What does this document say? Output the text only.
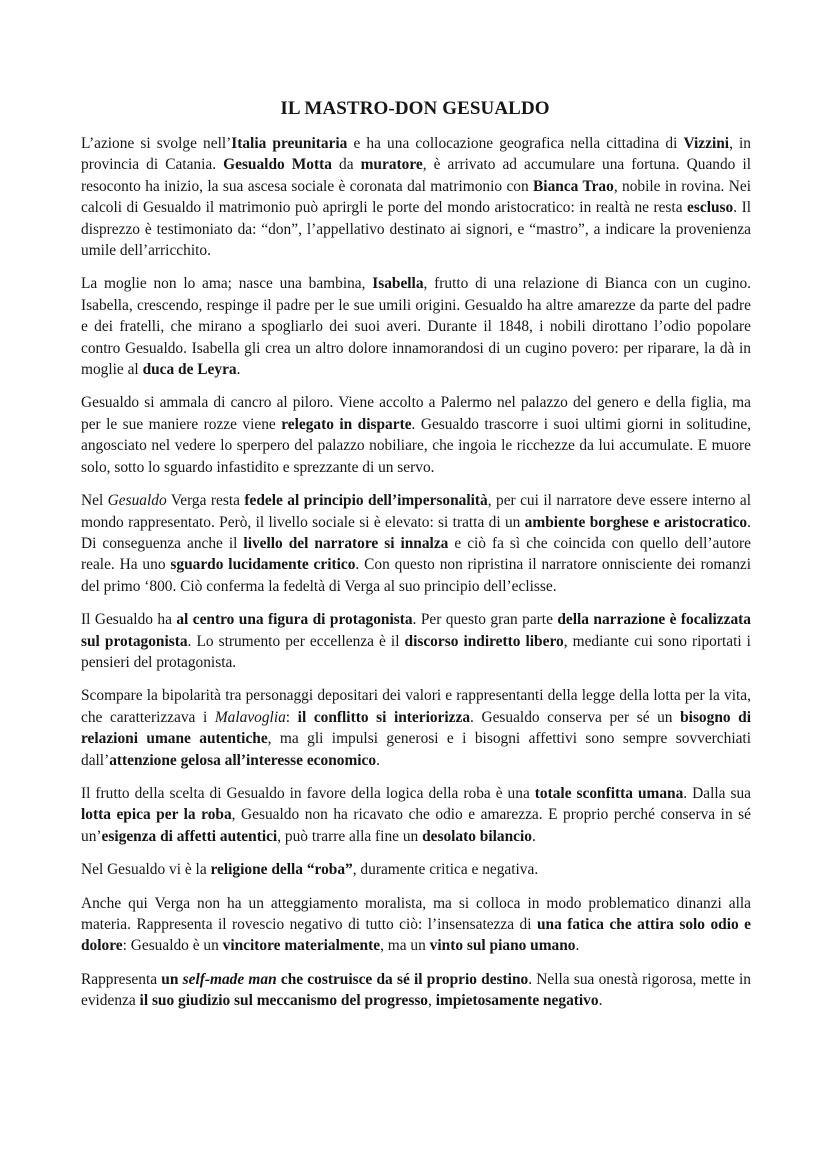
IL MASTRO-DON GESUALDO
L’azione si svolge nell’Italia preunitaria e ha una collocazione geografica nella cittadina di Vizzini, in provincia di Catania. Gesualdo Motta da muratore, è arrivato ad accumulare una fortuna. Quando il resoconto ha inizio, la sua ascesa sociale è coronata dal matrimonio con Bianca Trao, nobile in rovina. Nei calcoli di Gesualdo il matrimonio può aprirgli le porte del mondo aristocratico: in realtà ne resta escluso. Il disprezzo è testimoniato da: “don”, l’appellativo destinato ai signori, e “mastro”, a indicare la provenienza umile dell’arricchito.
La moglie non lo ama; nasce una bambina, Isabella, frutto di una relazione di Bianca con un cugino. Isabella, crescendo, respinge il padre per le sue umili origini. Gesualdo ha altre amarezze da parte del padre e dei fratelli, che mirano a spogliarlo dei suoi averi. Durante il 1848, i nobili dirottano l’odio popolare contro Gesualdo. Isabella gli crea un altro dolore innamorandosi di un cugino povero: per riparare, la dà in moglie al duca de Leyra.
Gesualdo si ammala di cancro al piloro. Viene accolto a Palermo nel palazzo del genero e della figlia, ma per le sue maniere rozze viene relegato in disparte. Gesualdo trascorre i suoi ultimi giorni in solitudine, angosciato nel vedere lo sperpero del palazzo nobiliare, che ingoia le ricchezze da lui accumulate. E muore solo, sotto lo sguardo infastidito e sprezzante di un servo.
Nel Gesualdo Verga resta fedele al principio dell’impersonalità, per cui il narratore deve essere interno al mondo rappresentato. Però, il livello sociale si è elevato: si tratta di un ambiente borghese e aristocratico. Di conseguenza anche il livello del narratore si innalza e ciò fa sì che coincida con quello dell’autore reale. Ha uno sguardo lucidamente critico. Con questo non ripristina il narratore onnisciente dei romanzi del primo ‘800. Ciò conferma la fedeltà di Verga al suo principio dell’eclisse.
Il Gesualdo ha al centro una figura di protagonista. Per questo gran parte della narrazione è focalizzata sul protagonista. Lo strumento per eccellenza è il discorso indiretto libero, mediante cui sono riportati i pensieri del protagonista.
Scompare la bipolarità tra personaggi depositari dei valori e rappresentanti della legge della lotta per la vita, che caratterizzava i Malavoglia: il conflitto si interiorizza. Gesualdo conserva per sé un bisogno di relazioni umane autentiche, ma gli impulsi generosi e i bisogni affettivi sono sempre sovverchiati dall’attenzione gelosa all’interesse economico.
Il frutto della scelta di Gesualdo in favore della logica della roba è una totale sconfitta umana. Dalla sua lotta epica per la roba, Gesualdo non ha ricavato che odio e amarezza. E proprio perché conserva in sé un’esigenza di affetti autentici, può trarre alla fine un desolato bilancio.
Nel Gesualdo vi è la religione della “roba”, duramente critica e negativa.
Anche qui Verga non ha un atteggiamento moralista, ma si colloca in modo problematico dinanzi alla materia. Rappresenta il rovescio negativo di tutto ciò: l’insensatezza di una fatica che attira solo odio e dolore: Gesualdo è un vincitore materialmente, ma un vinto sul piano umano.
Rappresenta un self-made man che costruisce da sé il proprio destino. Nella sua onestà rigorosa, mette in evidenza il suo giudizio sul meccanismo del progresso, impietosamente negativo.
